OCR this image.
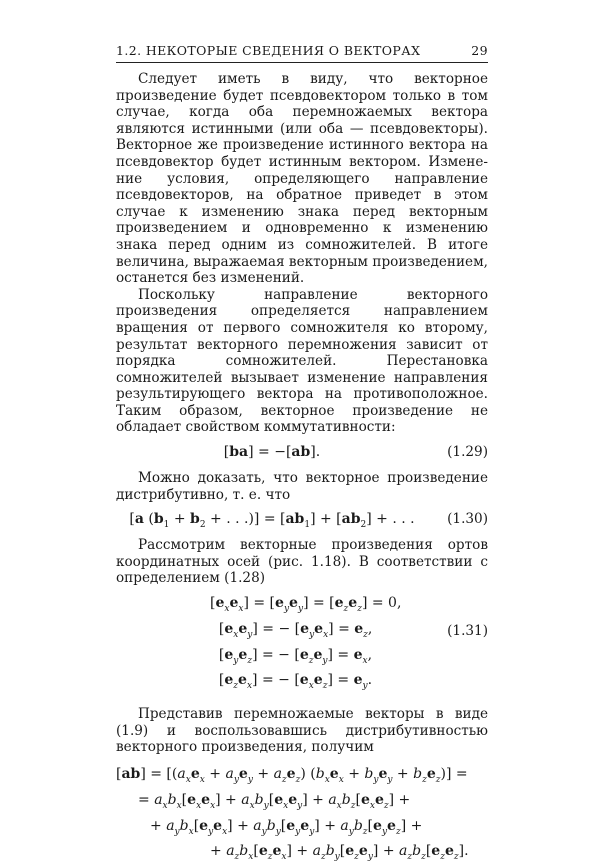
1.2. НЕКОТОРЫЕ СВЕДЕНИЯ О ВЕКТОРАХ	29

Следует иметь в виду, что векторное произведение будет псевдовектором только в том случае, когда оба перемножаемых вектора являются истинными (или оба — псевдовекторы). Векторное же произведение истинного вектора на псевдовектор будет истинным вектором. Изменение условия, определяющего направление псевдовекторов, на обратное приведет в этом случае к изменению знака перед векторным произведением и одновременно к изменению знака перед одним из сомножителей. В итоге величина, выражаемая векторным произведением, останется без изменений.

Поскольку направление векторного произведения определяется направлением вращения от первого сомножителя ко второму, результат векторного перемножения зависит от порядка сомножителей. Перестановка сомножителей вызывает изменение направления результирующего вектора на противоположное. Таким образом, векторное произведение не обладает свойством коммутативности:

[ba] = −[ab].	(1.29)

Можно доказать, что векторное произведение дистрибутивно, т. е. что

[a ($b_1 + b_2$ + . . .)] = $[ab_1] + [ab_2]$ + . . .	(1.30)

Рассмотрим векторные произведения ортов координатных осей (рис. 1.18). В соответствии с определением (1.28)

$[e_xe_x] = [e_ye_y] = [e_ze_z] = 0$,
$[e_xe_y]$ = − $[e_ye_x] = e_z$,
$[e_ye_z]$ = − $[e_ze_y] = e_x$,
$[e_ze_x]$ = − $[e_xe_z] = e_y$.
(1.31)

Представив перемножаемые векторы в виде (1.9) и воспользовавшись дистрибутивностью векторного произведения, получим

$[ab] = [(a_xe_x + a_ye_y + a_ze_z) (b_xe_x + b_ye_y + b_ze_z)]$ =
= $a_xb_x[e_xe_x] + a_xb_y[e_xe_y] + a_xb_z[e_xe_z]$ +
+ $a_yb_x[e_ye_x] + a_yb_y[e_ye_y] + a_yb_z[e_ye_z]$ +
+ $a_zb_x[e_ze_x] + a_zb_y[e_ze_y] + a_zb_z[e_ze_z]$.
